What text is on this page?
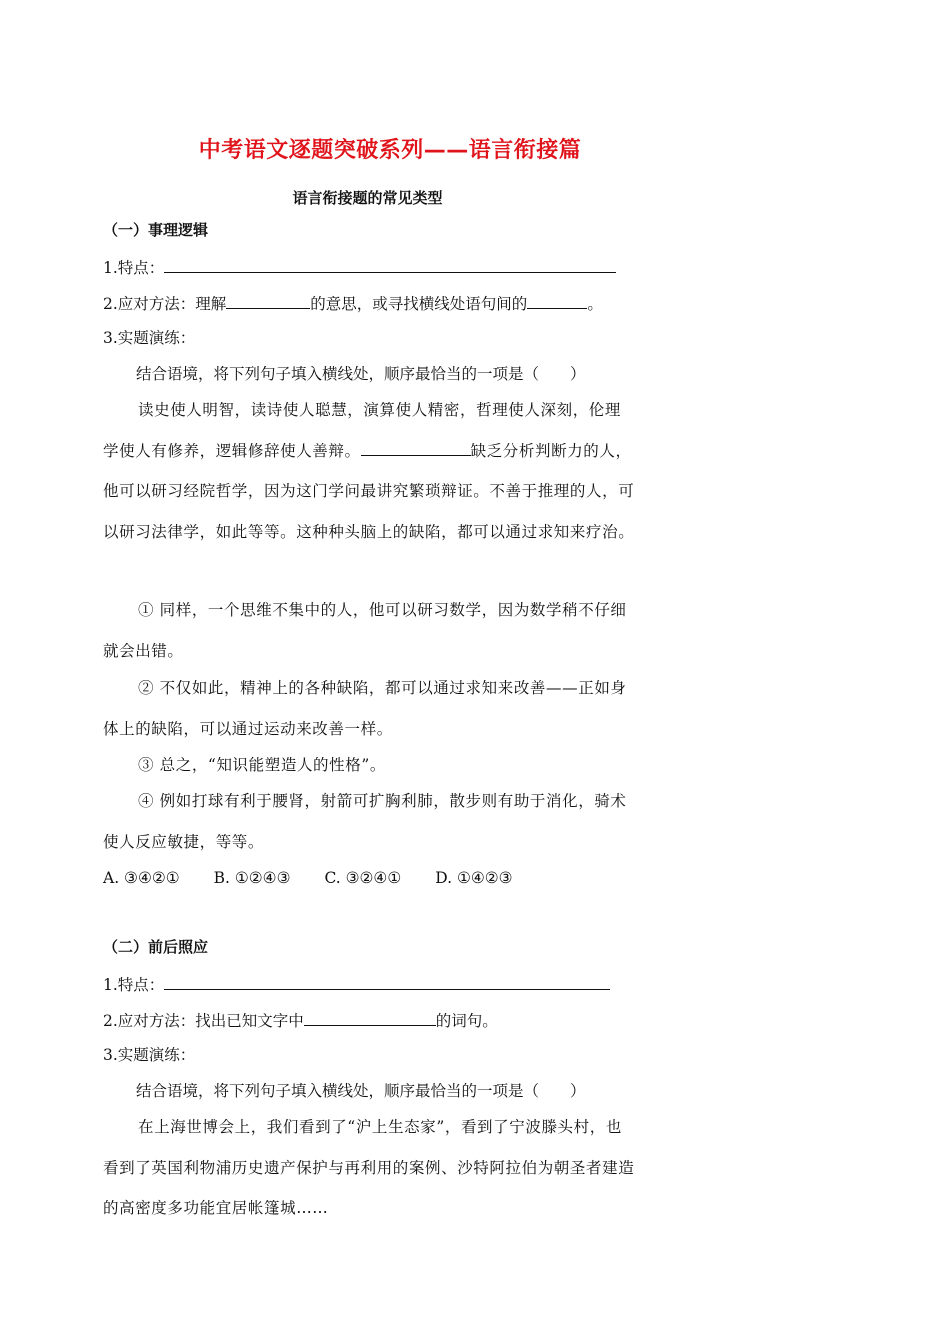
中考语文逐题突破系列——语言衔接篇
语言衔接题的常见类型
（一）事理逻辑
1.特点：
2.应对方法：理解	的意思，或寻找横线处语句间的	。
3.实题演练：
结合语境，将下列句子填入横线处，顺序最恰当的一项是（　　）
读史使人明智，读诗使人聪慧，演算使人精密，哲理使人深刻，伦理学使人有修养，逻辑修辞使人善辩。	缺乏分析判断力的人，他可以研习经院哲学，因为这门学问最讲究繁琐辩证。不善于推理的人，可以研习法律学，如此等等。这种种头脑上的缺陷，都可以通过求知来疗治。
① 同样，一个思维不集中的人，他可以研习数学，因为数学稍不仔细就会出错。
② 不仅如此，精神上的各种缺陷，都可以通过求知来改善——正如身体上的缺陷，可以通过运动来改善一样。
③ 总之，“知识能塑造人的性格”。
④ 例如打球有利于腰肾，射箭可扩胸利肺，散步则有助于消化，骑术使人反应敏捷，等等。
A. ③④②① B. ①②④③ C. ③②④① D. ①④②③
（二）前后照应
1.特点：
2.应对方法：找出已知文字中	的词句。
3.实题演练：
结合语境，将下列句子填入横线处，顺序最恰当的一项是（　　）
在上海世博会上，我们看到了“沪上生态家”，看到了宁波滕头村，也看到了英国利物浦历史遗产保护与再利用的案例、沙特阿拉伯为朝圣者建造的高密度多功能宜居帐篷城……
